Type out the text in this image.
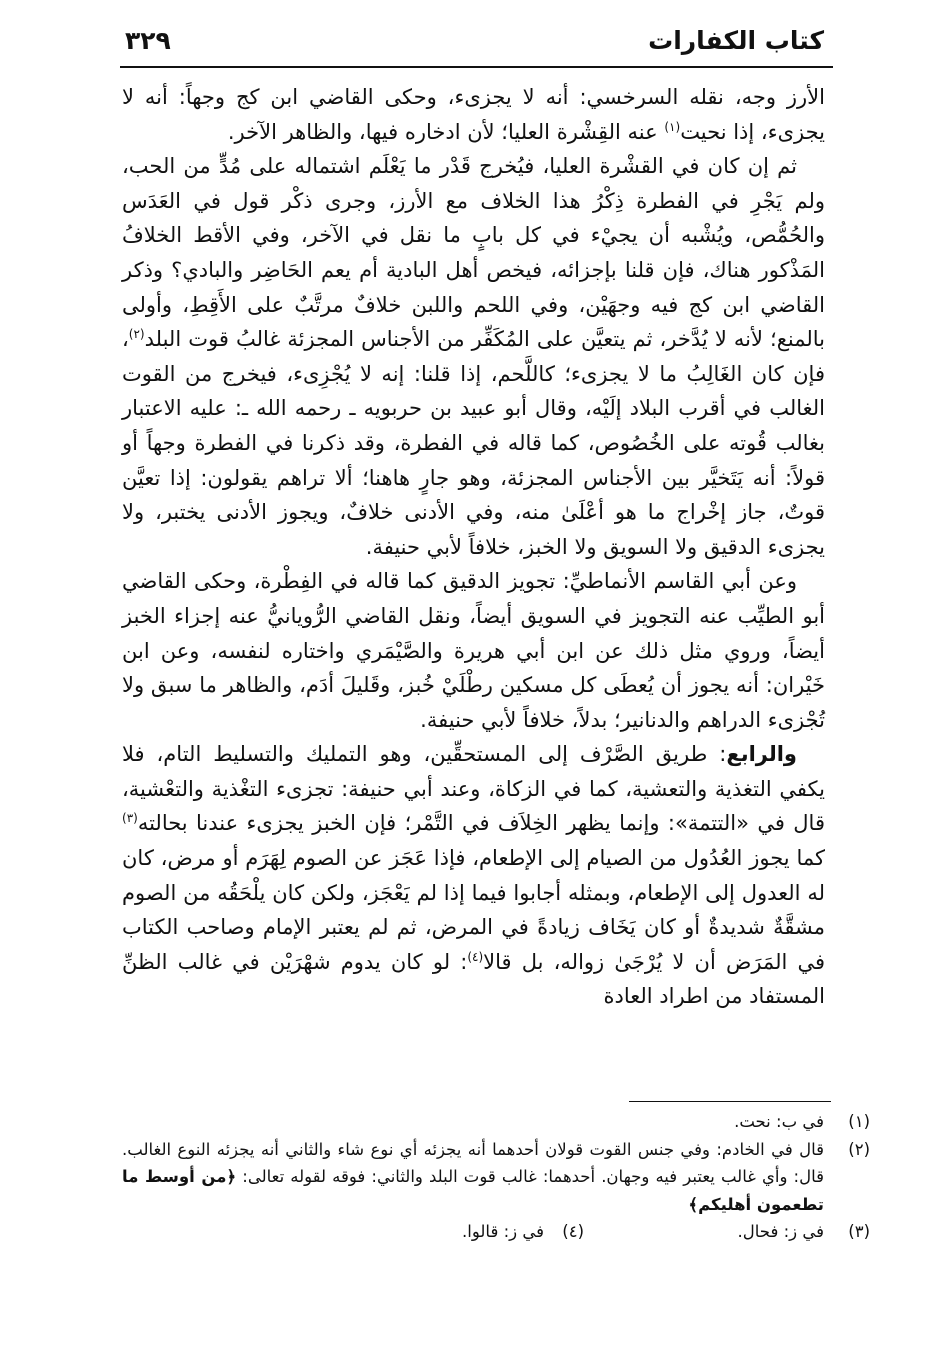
كتاب الكفارات
٣٢٩

الأرز وجه، نقله السرخسي: أنه لا يجزىء، وحكى القاضي ابن كج وجهاً: أنه لا يجزىء، إذا نحيت$^{(١)}$ عنه القِشْرة العليا؛ لأن ادخاره فيها، والظاهر الآخر.

ثم إن كان في القشْرة العليا، فيُخرج قَدْر ما يَعْلَم اشتماله على مُدٍّ من الحب، ولم يَجْرِ في الفطرة ذِكْرُ هذا الخلاف مع الأرز، وجرى ذكْر قول في العَدَس والحُمُّص، ويُشْبه أن يجيْء في كل بابٍ ما نقل في الآخر، وفي الأقط الخلافُ المَذْكور هناك، فإن قلنا بإجزائه، فيخص أهل البادية أم يعم الحَاضِر والبادي؟ وذكر القاضي ابن كج فيه وجهَيْن، وفي اللحم واللبن خلافٌ مرتَّبٌ على الأَقِطِ، وأولى بالمنع؛ لأنه لا يُدَّخر، ثم يتعيَّن على المُكَفِّر من الأجناس المجزئة غالبُ قوت البلد$^{(٢)}$، فإن كان الغَالِبُ ما لا يجزىء؛ كاللَّحم، إذا قلنا: إنه لا يُجْزِىء، فيخرج من القوت الغالب في أقرب البلاد إلَيْه، وقال أبو عبيد بن حربويه ـ رحمه الله ـ: عليه الاعتبار بغالب قُوته على الخُصُوص، كما قاله في الفطرة، وقد ذكرنا في الفطرة وجهاً أو قولاً: أنه يَتَخيَّر بين الأجناس المجزئة، وهو جارٍ هاهنا؛ ألا تراهم يقولون: إذا تعيَّن قوتٌ، جاز إخْراج ما هو أعْلَىٰ منه، وفي الأدنى خلافٌ، ويجوز الأدنى يختبر، ولا يجزىء الدقيق ولا السويق ولا الخبز، خلافاً لأبي حنيفة.

وعن أبي القاسم الأنماطيِّ: تجويز الدقيق كما قاله في الفِطْرة، وحكى القاضي أبو الطيِّب عنه التجويز في السويق أيضاً، ونقل القاضي الرُّويانيُّ عنه إجزاء الخبز أيضاً، وروي مثل ذلك عن ابن أبي هريرة والصَّيْمَري واختاره لنفسه، وعن ابن خَيْران: أنه يجوز أن يُعطَى كل مسكين رطْلَيْ خُبز، وقَليلَ أدَم، والظاهر ما سبق ولا تُجْزىء الدراهم والدنانير؛ بدلاً، خلافاً لأبي حنيفة.

والرابع: طريق الصَّرْف إلى المستحقِّين، وهو التمليك والتسليط التام، فلا يكفي التغذية والتعشية، كما في الزكاة، وعند أبي حنيفة: تجزىء التغْذية والتعْشية، قال في «التتمة»: وإنما يظهر الخِلاَف في التَّمْر؛ فإن الخبز يجزىء عندنا بحالته$^{(٣)}$ كما يجوز العُدُول من الصيام إلى الإطعام، فإذا عَجَز عن الصوم لِهَرَم أو مرض، كان له العدول إلى الإطعام، وبمثله أجابوا فيما إذا لم يَعْجَز، ولكن كان يلْحَقُه من الصوم مشقَّةٌ شديدةٌ أو كان يَخَاف زيادةً في المرض، ثم لم يعتبر الإمام وصاحب الكتاب في المَرَض أن لا يُرْجَىٰ زواله، بل قالا$^{(٤)}$: لو كان يدوم شهْرَيْن في غالب الظنِّ المستفاد من اطراد العادة

(١)
في ب: نحت.
(٢)
قال في الخادم: وفي جنس القوت قولان أحدهما أنه يجزئه أي نوع شاء والثاني أنه يجزئه النوع الغالب. قال: وأي غالب يعتبر فيه وجهان. أحدهما: غالب قوت البلد والثاني: فوقه لقوله تعالى: ﴿من أوسط ما تطعمون أهليكم﴾
(٣)
في ز: فحال.
(٤)
في ز: قالوا.
